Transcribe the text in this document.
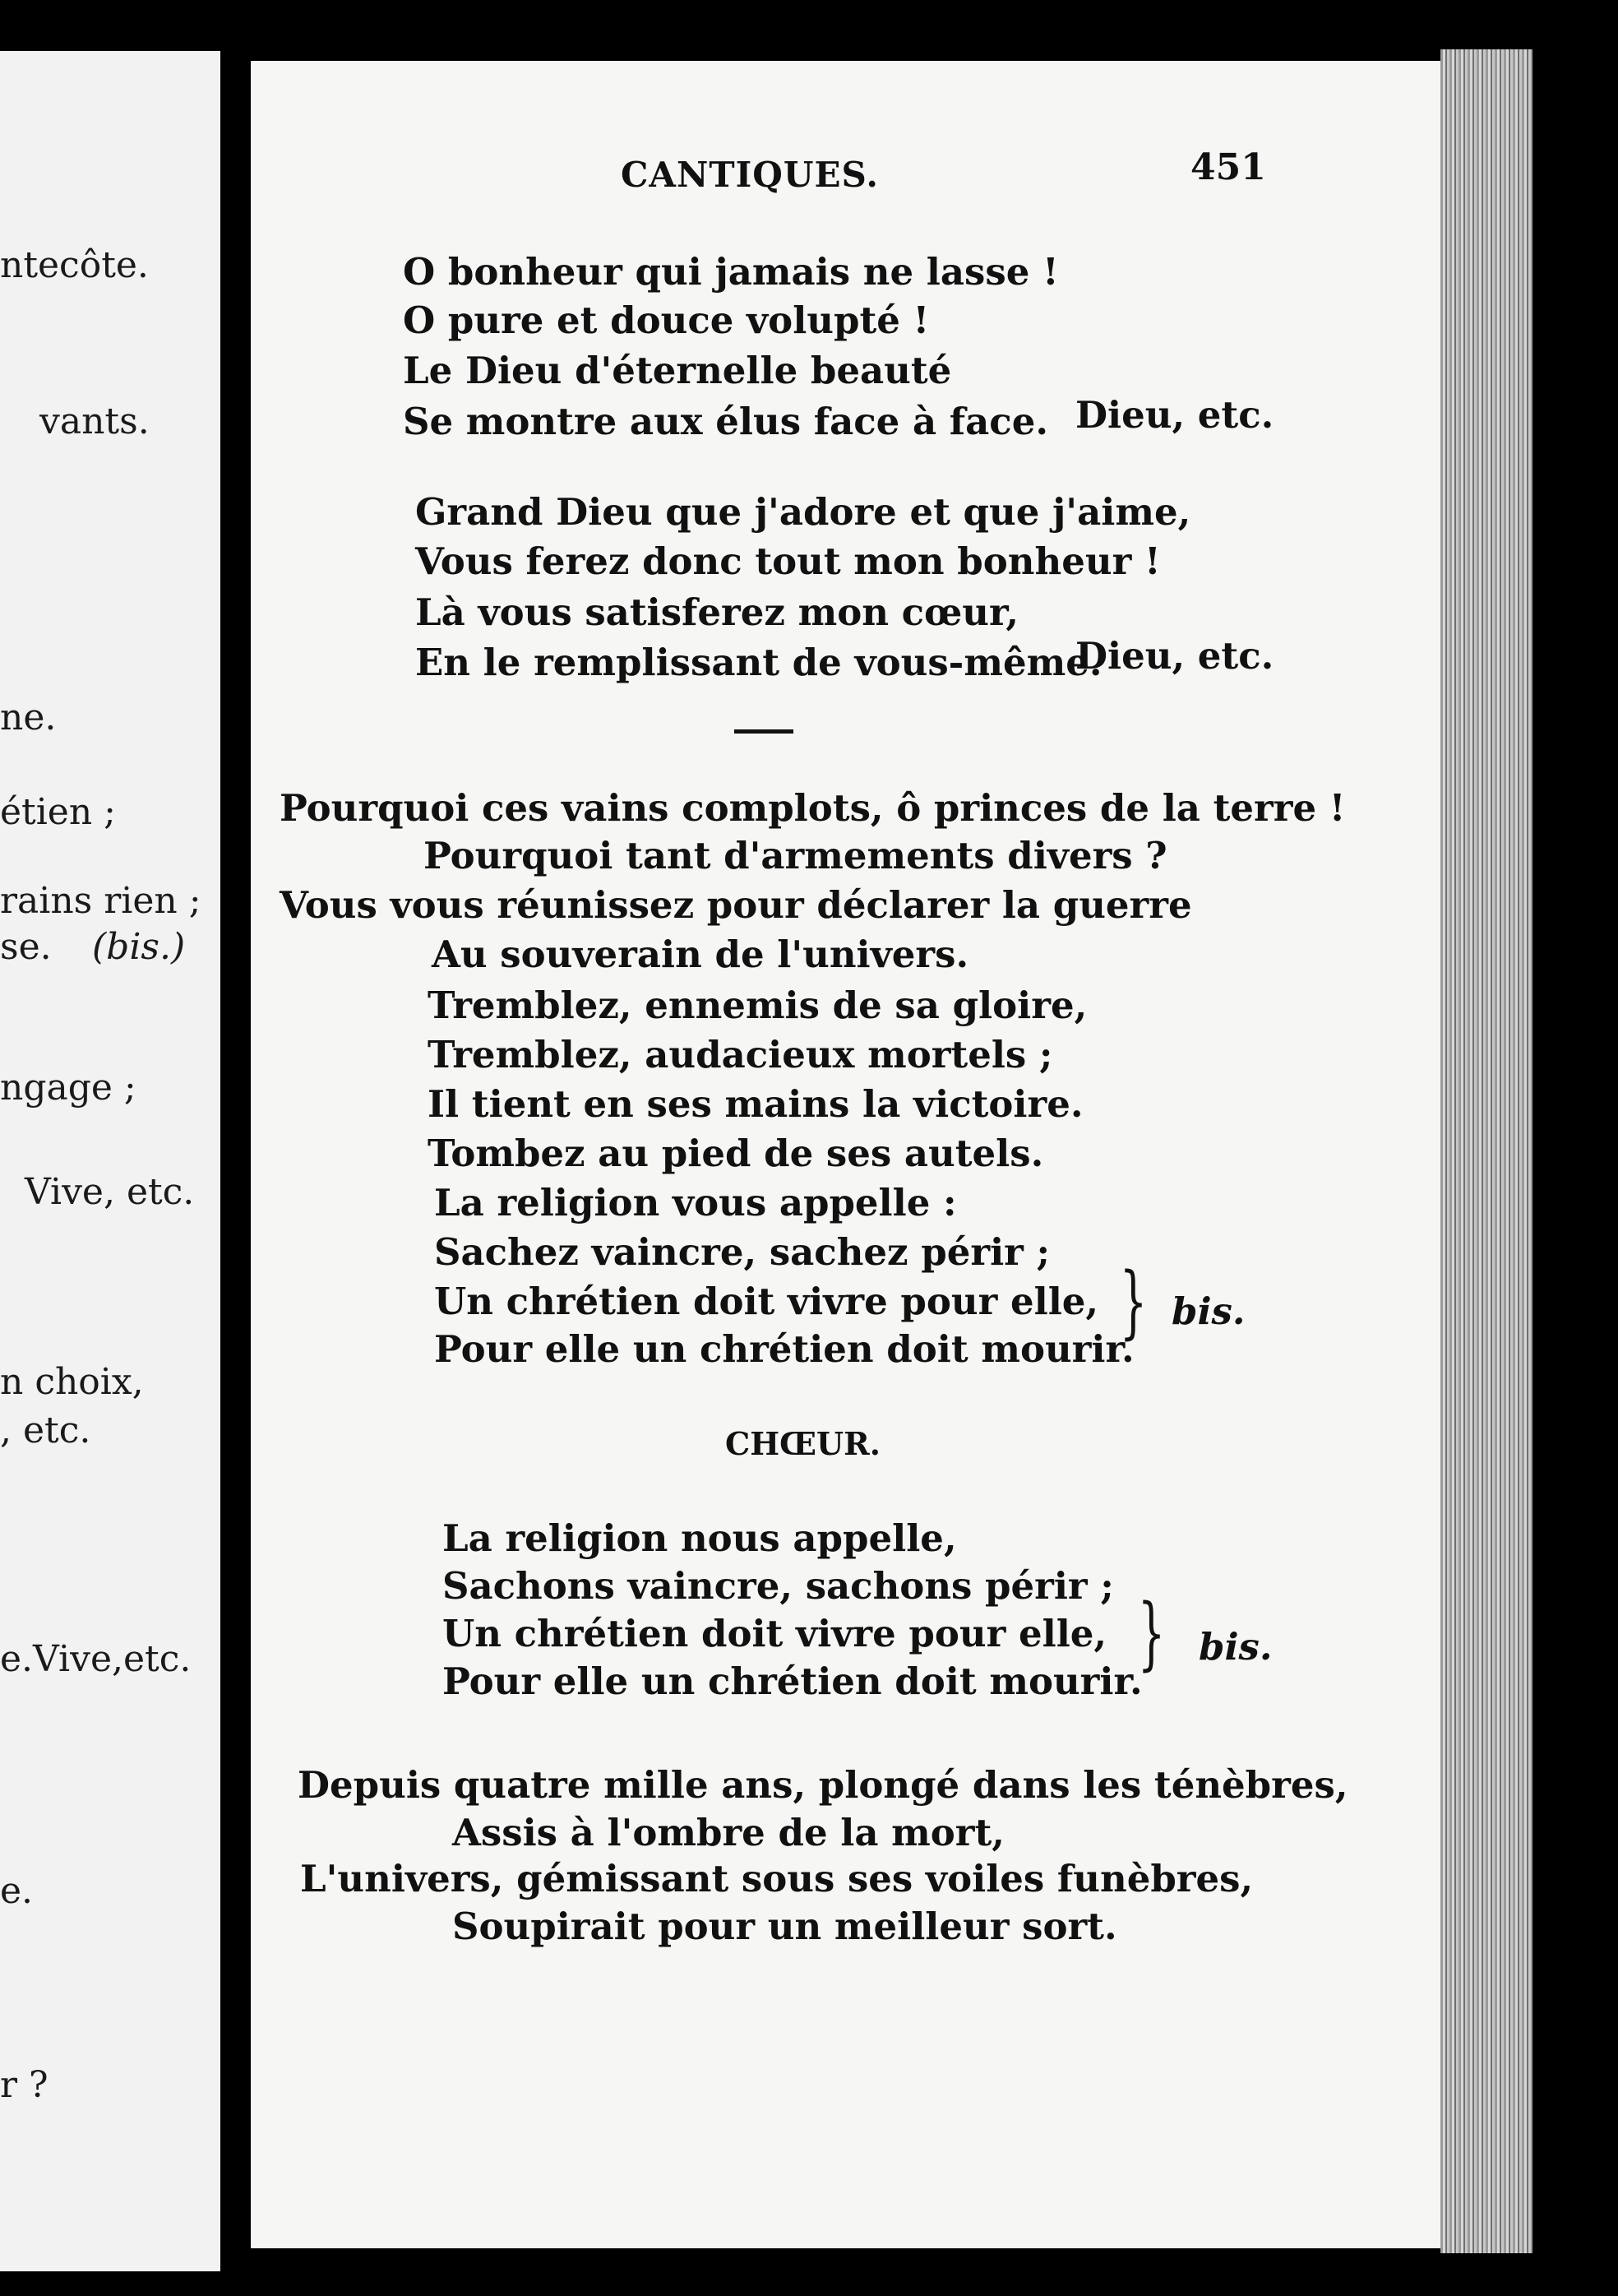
ntecôte.
vants.
ne.
étien ;
rains rien ;
se. (bis.)
ngage ;
Vive, etc.
n choix,
, etc.
e.Vive,etc.
e.
r ?
CANTIQUES.	451
O bonheur qui jamais ne lasse !
O pure et douce volupté !
Le Dieu d'éternelle beauté
Se montre aux élus face à face. Dieu, etc.
Grand Dieu que j'adore et que j'aime,
Vous ferez donc tout mon bonheur !
Là vous satisferez mon cœur,
En le remplissant de vous-même.
Dieu, etc.
Pourquoi ces vains complots, ô princes de la terre !
Pourquoi tant d'armements divers ?
Vous vous réunissez pour déclarer la guerre
Au souverain de l'univers.
Tremblez, ennemis de sa gloire,
Tremblez, audacieux mortels ;
Il tient en ses mains la victoire.
Tombez au pied de ses autels.
La religion vous appelle :
Sachez vaincre, sachez périr ;
Un chrétien doit vivre pour elle,
Pour elle un chrétien doit mourir.
} bis.
CHŒUR.
La religion nous appelle,
Sachons vaincre, sachons périr ;
Un chrétien doit vivre pour elle,
Pour elle un chrétien doit mourir.
} bis.
Depuis quatre mille ans, plongé dans les ténèbres,
Assis à l'ombre de la mort,
L'univers, gémissant sous ses voiles funèbres,
Soupirait pour un meilleur sort.
